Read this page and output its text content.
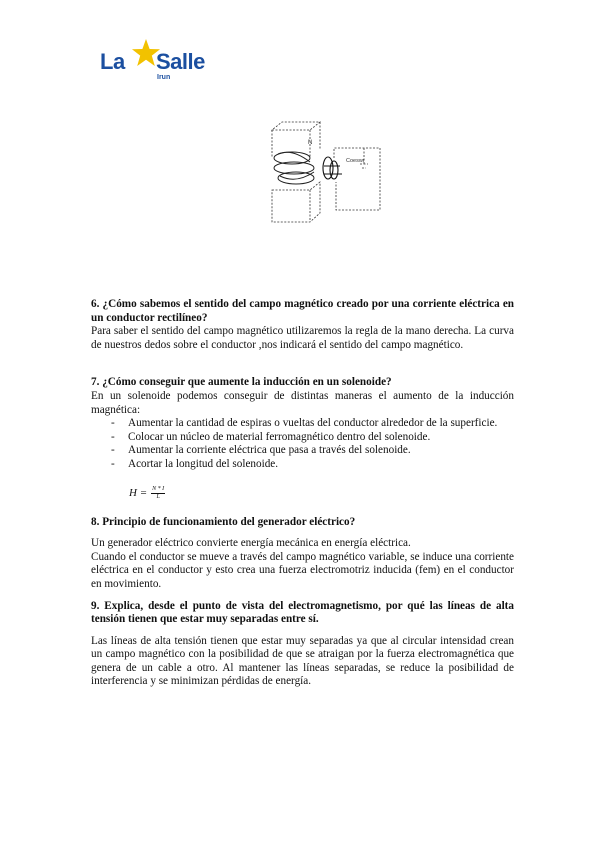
La Salle
Irun
N
Coeswr

6. ¿Cómo sabemos el sentido del campo magnético creado por una corriente eléctrica en un conductor rectilíneo?

Para saber el sentido del campo magnético utilizaremos la regla de la mano derecha. La curva de nuestros dedos sobre el conductor ,nos indicará el sentido del campo magnético.

7. ¿Cómo conseguir que aumente la inducción en un solenoide?

En un solenoide podemos conseguir de distintas maneras el aumento de la inducción magnética:

- Aumentar la cantidad de espiras o vueltas del conductor alrededor de la superficie.
- Colocar un núcleo de material ferromagnético dentro del solenoide.
- Aumentar la corriente eléctrica que pasa a través del solenoide.
- Acortar la longitud del solenoide.
$H = \frac{N * I}{L}$

8. Principio de funcionamiento del generador eléctrico?

Un generador eléctrico convierte energía mecánica en energía eléctrica.

Cuando el conductor se mueve a través del campo magnético variable, se induce una corriente eléctrica en el conductor y esto crea una fuerza electromotriz inducida (fem) en el conductor en movimiento.

9. Explica, desde el punto de vista del electromagnetismo, por qué las líneas de alta tensión tienen que estar muy separadas entre sí.

Las líneas de alta tensión tienen que estar muy separadas ya que al circular intensidad crean un campo magnético con la posibilidad de que se atraigan por la fuerza electromagnética que genera de un cable a otro. Al mantener las líneas separadas, se reduce la posibilidad de interferencia y se minimizan pérdidas de energía.
